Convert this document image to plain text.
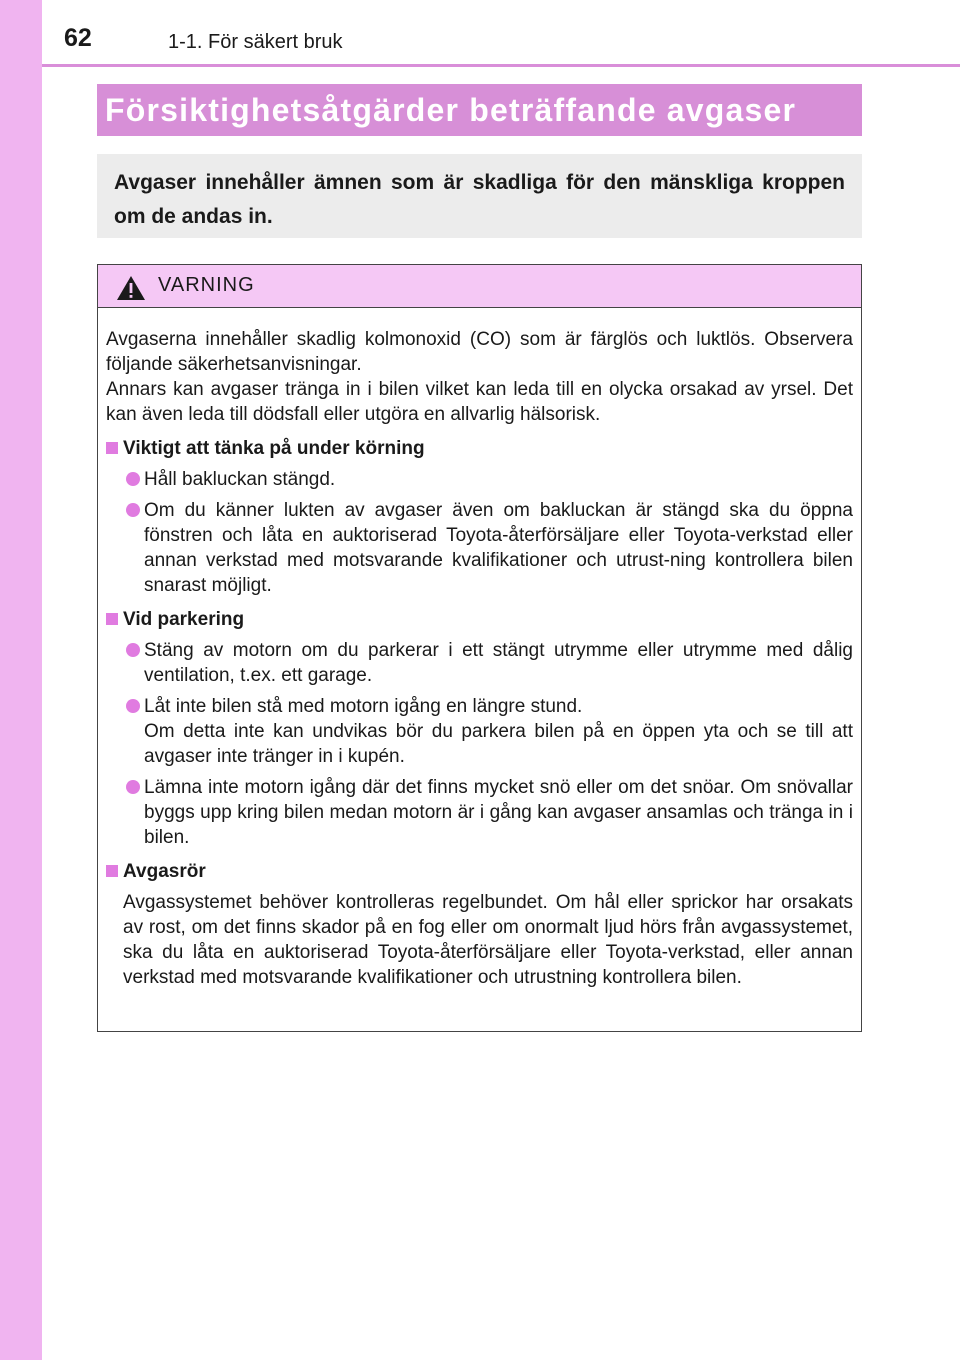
62	1-1. För säkert bruk
Försiktighetsåtgärder beträffande avgaser
Avgaser innehåller ämnen som är skadliga för den mänskliga kroppen om de andas in.
VARNING

Avgaserna innehåller skadlig kolmonoxid (CO) som är färglös och luktlös. Observera följande säkerhetsanvisningar.
Annars kan avgaser tränga in i bilen vilket kan leda till en olycka orsakad av yrsel. Det kan även leda till dödsfall eller utgöra en allvarlig hälsorisk.

Viktigt att tänka på under körning

Håll bakluckan stängd.

Om du känner lukten av avgaser även om bakluckan är stängd ska du öppna fönstren och låta en auktoriserad Toyota-återförsäljare eller Toyota-verkstad eller annan verkstad med motsvarande kvalifikationer och utrust-ning kontrollera bilen snarast möjligt.

Vid parkering

Stäng av motorn om du parkerar i ett stängt utrymme eller utrymme med dålig ventilation, t.ex. ett garage.

Låt inte bilen stå med motorn igång en längre stund.
Om detta inte kan undvikas bör du parkera bilen på en öppen yta och se till att avgaser inte tränger in i kupén.

Lämna inte motorn igång där det finns mycket snö eller om det snöar. Om snövallar byggs upp kring bilen medan motorn är i gång kan avgaser ansamlas och tränga in i bilen.

Avgasrör

Avgassystemet behöver kontrolleras regelbundet. Om hål eller sprickor har orsakats av rost, om det finns skador på en fog eller om onormalt ljud hörs från avgassystemet, ska du låta en auktoriserad Toyota-återförsäljare eller Toyota-verkstad, eller annan verkstad med motsvarande kvalifikationer och utrustning kontrollera bilen.
